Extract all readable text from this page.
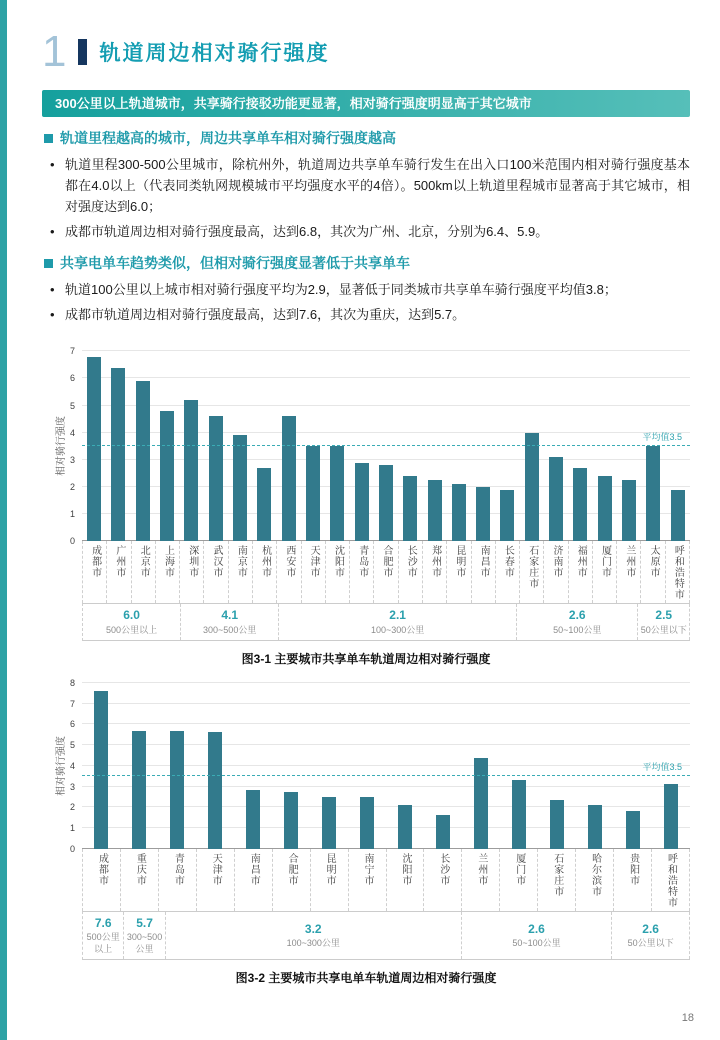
1 轨道周边相对骑行强度
300公里以上轨道城市，共享骑行接驳功能更显著，相对骑行强度明显高于其它城市
轨道里程越高的城市，周边共享单车相对骑行强度越高
• 轨道里程300-500公里城市，除杭州外，轨道周边共享单车骑行发生在出入口100米范围内相对骑行强度基本都在4.0以上（代表同类轨网规模城市平均强度水平的4倍）。500km以上轨道里程城市显著高于其它城市，相对强度达到6.0；
• 成都市轨道周边相对骑行强度最高，达到6.8，其次为广州、北京，分别为6.4、5.9。
共享电单车趋势类似，但相对骑行强度显著低于共享单车
• 轨道100公里以上城市相对骑行强度平均为2.9，显著低于同类城市共享单车骑行强度平均值3.8；
• 成都市轨道周边相对骑行强度最高，达到7.6，其次为重庆，达到5.7。
相对骑行强度
0
1
2
3
4
5
6
7
平均值3.5
成都市 广州市 北京市 上海市 深圳市 武汉市 南京市 杭州市 西安市 天津市 沈阳市 青岛市 合肥市 长沙市 郑州市 昆明市 南昌市 长春市 石家庄市 济南市 福州市 厦门市 兰州市 太原市 呼和浩特市
6.0
500公里以上
4.1
300~500公里
2.1
100~300公里
2.6
50~100公里
2.5
50公里以下
图3-1 主要城市共享单车轨道周边相对骑行强度
相对骑行强度
0
1
2
3
4
5
6
7
8
平均值3.5
成都市	重庆市	青岛市	天津市	南昌市	合肥市	昆明市	南宁市	沈阳市	长沙市	兰州市	厦门市	石家庄市	哈尔滨市	贵阳市	呼和浩特市
7.6
500公里以上
5.7
300~500公里
3.2
100~300公里
2.6
50~100公里
2.6
50公里以下
图3-2 主要城市共享电单车轨道周边相对骑行强度
18
